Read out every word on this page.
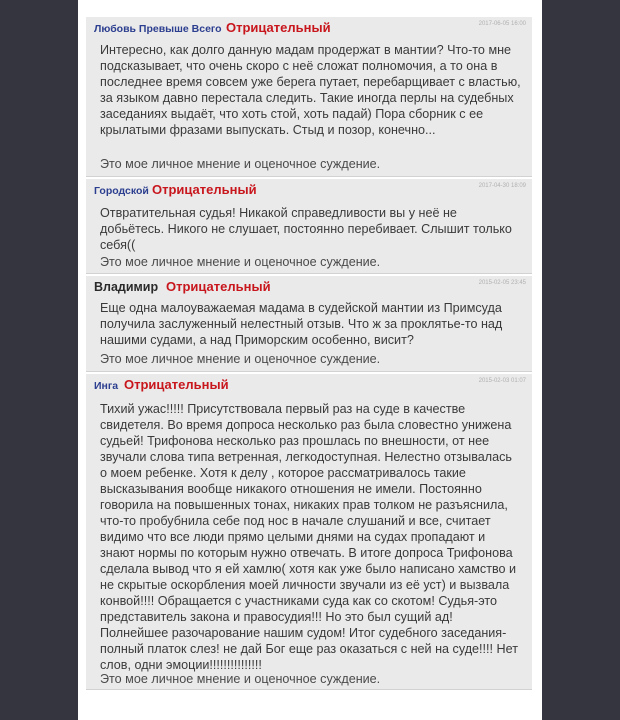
Любовь Превыше Всего Отрицательный	2017-06-05 16:00
Интересно, как долго данную мадам продержат в мантии? Что-то мне подсказывает, что очень скоро с неё сложат полномочия, а то она в последнее время совсем уже берега путает, перебарщивает с властью, за языком давно перестала следить. Такие иногда перлы на судебных заседаниях выдаёт, что хоть стой, хоть падай) Пора сборник с ее крылатыми фразами выпускать. Стыд и позор, конечно...
Это мое личное мнение и оценочное суждение.
Городской Отрицательный	2017-04-30 18:09
Отвратительная судья! Никакой справедливости вы у неё не добьётесь. Никого не слушает, постоянно перебивает. Слышит только себя((
Это мое личное мнение и оценочное суждение.
Владимир Отрицательный	2015-02-05 23:45
Еще одна малоуважаемая мадама в судейской мантии из Примсуда получила заслуженный нелестный отзыв. Что ж за проклятье-то над нашими судами, а над Приморским особенно, висит?
Это мое личное мнение и оценочное суждение.
Инга Отрицательный	2015-02-03 01:07
Тихий ужас!!!!! Присутствовала первый раз на суде в качестве свидетеля. Во время допроса несколько раз была словестно унижена судьей! Трифонова несколько раз прошлась по внешности, от нее звучали слова типа ветренная, легкодоступная. Нелестно отзывалась о моем ребенке. Хотя к делу , которое рассматривалось такие высказывания вообще никакого отношения не имели. Постоянно говорила на повышенных тонах, никаких прав толком не разъяснила, что-то пробубнила себе под нос в начале слушаний и все, считает видимо что все люди прямо целыми днями на судах пропадают и знают нормы по которым нужно отвечать. В итоге допроса Трифонова сделала вывод что я ей хамлю( хотя как уже было написано хамство и не скрытые оскорбления моей личности звучали из её уст) и вызвала конвой!!!! Обращается с участниками суда как со скотом! Судья-это представитель закона и правосудия!!! Но это был сущий ад! Полнейшее разочарование нашим судом! Итог судебного заседания- полный платок слез! не дай Бог еще раз оказаться с ней на суде!!!! Нет слов, одни эмоции!!!!!!!!!!!!!!!
Это мое личное мнение и оценочное суждение.
